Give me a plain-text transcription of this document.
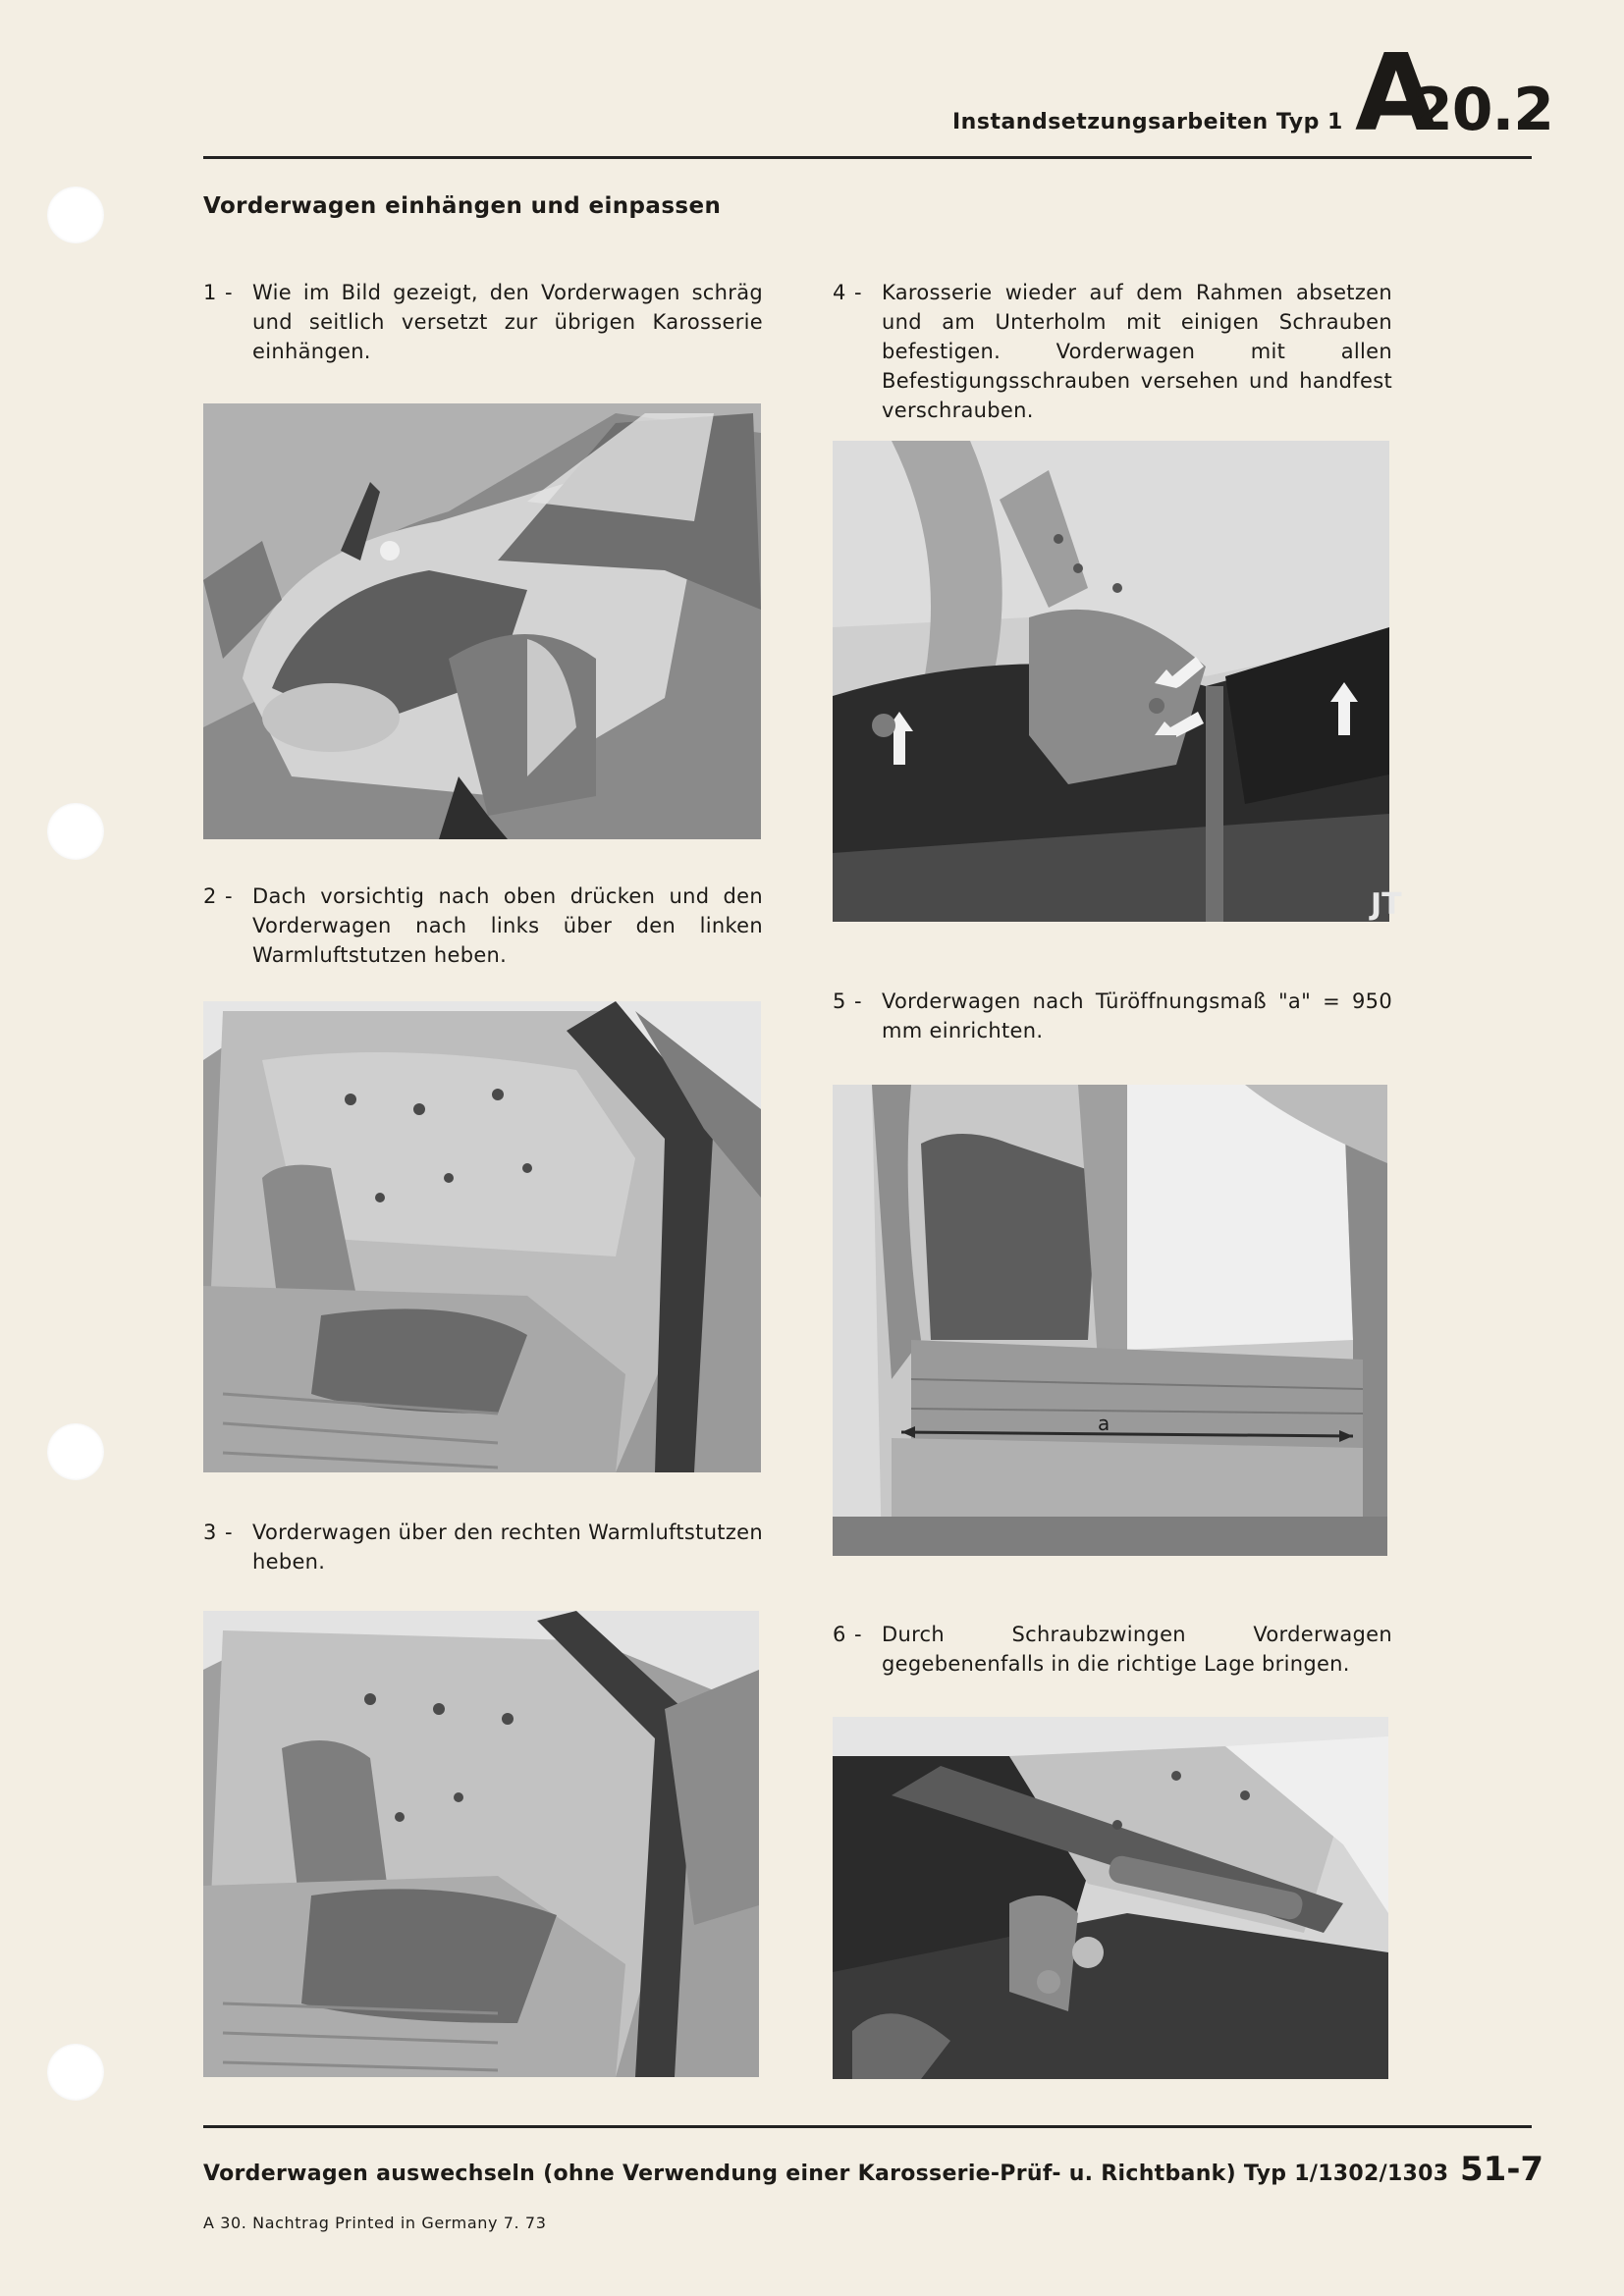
Instandsetzungsarbeiten Typ 1 A
20.2
Vorderwagen einhängen und einpassen
1 - Wie im Bild gezeigt, den Vorderwagen schräg und seitlich versetzt zur übrigen Karosserie einhängen.
2 - Dach vorsichtig nach oben drücken und den Vorderwagen nach links über den linken Warmluftstutzen heben.
3 - Vorderwagen über den rechten Warmluftstutzen heben.
4 - Karosserie wieder auf dem Rahmen absetzen und am Unterholm mit einigen Schrauben befestigen. Vorderwagen mit allen Befestigungsschrauben versehen und handfest verschrauben.
JT
5 - Vorderwagen nach Türöffnungsmaß "a" = 950 mm einrichten.
a
6 - Durch Schraubzwingen Vorderwagen gegebenenfalls in die richtige Lage bringen.
Vorderwagen auswechseln (ohne Verwendung einer Karosserie-Prüf- u. Richtbank) Typ 1/1302/1303 51-7
A 30. Nachtrag Printed in Germany 7. 73
